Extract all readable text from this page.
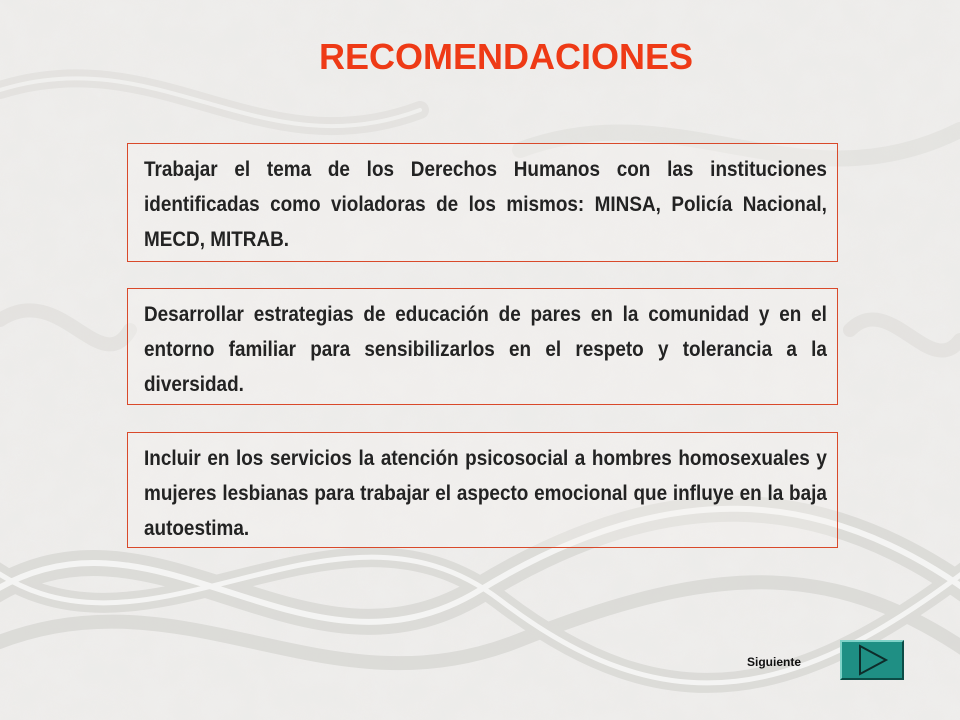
RECOMENDACIONES

Trabajar el tema de los Derechos Humanos con las instituciones identificadas como violadoras de los mismos: MINSA, Policía Nacional, MECD, MITRAB.

Desarrollar estrategias de educación de pares en la comunidad y en el entorno familiar para sensibilizarlos en el respeto y tolerancia a la diversidad.

Incluir en los servicios la atención psicosocial a hombres homosexuales y mujeres lesbianas para trabajar el aspecto emocional que influye en la baja autoestima.

Siguiente
